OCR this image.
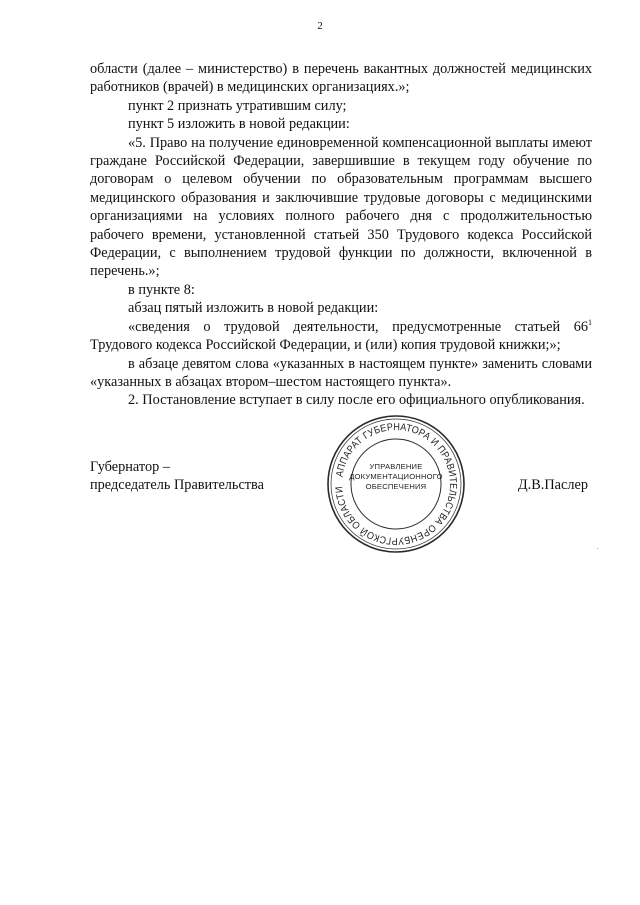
2

области (далее – министерство) в перечень вакантных должностей медицинских работников (врачей) в медицинских организациях.»;

пункт 2 признать утратившим силу;

пункт 5 изложить в новой редакции:

«5. Право на получение единовременной компенсационной выплаты имеют граждане Российской Федерации, завершившие в текущем году обучение по договорам о целевом обучении по образовательным программам высшего медицинского образования и заключившие трудовые договоры с медицинскими организациями на условиях полного рабочего дня с продолжительностью рабочего времени, установленной статьей 350 Трудового кодекса Российской Федерации, с выполнением трудовой функции по должности, включенной в перечень.»;

в пункте 8:

абзац пятый изложить в новой редакции:

«сведения о трудовой деятельности, предусмотренные статьей $66^1$ Трудового кодекса Российской Федерации, и (или) копия трудовой книжки;»;

в абзаце девятом слова «указанных в настоящем пункте» заменить словами «указанных в абзацах втором–шестом настоящего пункта».

2. Постановление вступает в силу после его официального опубликования.

Губернатор –
председатель Правительства
АППАРАТ ГУБЕРНАТОРА И ПРАВИТЕЛЬСТВА ОРЕНБУРГСКОЙ ОБЛАСТИ
УПРАВЛЕНИЕ
ДОКУМЕНТАЦИОННОГО
ОБЕСПЕЧЕНИЯ	Д.В.Паслер
